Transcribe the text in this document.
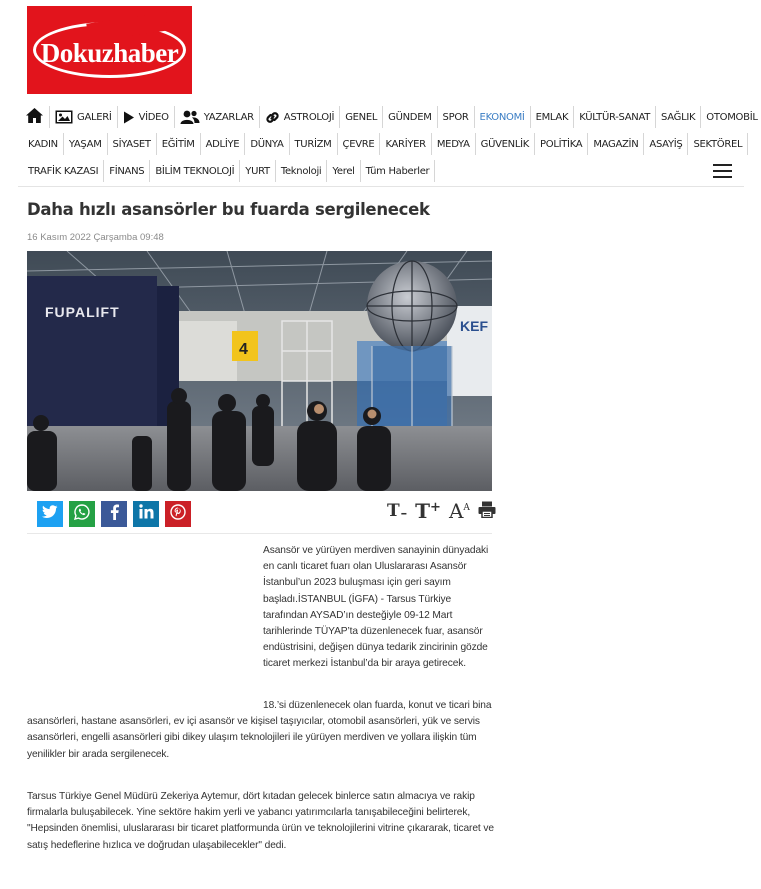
Dokuzhaber
GALERİ	VİDEO	YAZARLAR	ASTROLOJİ	GENEL	GÜNDEM	SPOR	EKONOMİ	EMLAK	KÜLTÜR-SANAT	SAĞLIK	OTOMOBİL
KADIN	YAŞAM	SİYASET	EĞİTİM	ADLİYE	DÜNYA	TURİZM	ÇEVRE	KARİYER	MEDYA	GÜVENLİK	POLİTİKA	MAGAZİN	ASAYİŞ	SEKTÖREL
TRAFİK KAZASI	FİNANS	BİLİM TEKNOLOJİ	YURT	Teknoloji	Yerel	Tüm Haberler
Daha hızlı asansörler bu fuarda sergilenecek
16 Kasım 2022 Çarşamba 09:48
KEF
4
FUPALIFT
T – T + A A

Asansör ve yürüyen merdiven sanayinin dünyadaki en canlı ticaret fuarı olan Uluslararası Asansör İstanbul’un 2023 buluşması için geri sayım başladı.İSTANBUL (İGFA) - Tarsus Türkiye tarafından AYSAD’ın desteğiyle 09-12 Mart tarihlerinde TÜYAP’ta düzenlenecek fuar, asansör endüstrisini, değişen dünya tedarik zincirinin gözde ticaret merkezi İstanbul’da bir araya getirecek.

18.’si düzenlenecek olan fuarda, konut ve ticari bina asansörleri, hastane asansörleri, ev içi asansör ve kişisel taşıyıcılar, otomobil asansörleri, yük ve servis asansörleri, engelli asansörleri gibi dikey ulaşım teknolojileri ile yürüyen merdiven ve yollara ilişkin tüm yenilikler bir arada sergilenecek.

Tarsus Türkiye Genel Müdürü Zekeriya Aytemur, dört kıtadan gelecek binlerce satın almacıya ve rakip firmalarla buluşabilecek. Yine sektöre hakim yerli ve yabancı yatırımcılarla tanışabileceğini belirterek, "Hepsinden önemlisi, uluslararası bir ticaret platformunda ürün ve teknolojilerini vitrine çıkararak, ticaret ve satış hedeflerine hızlıca ve doğrudan ulaşabilecekler" dedi.
